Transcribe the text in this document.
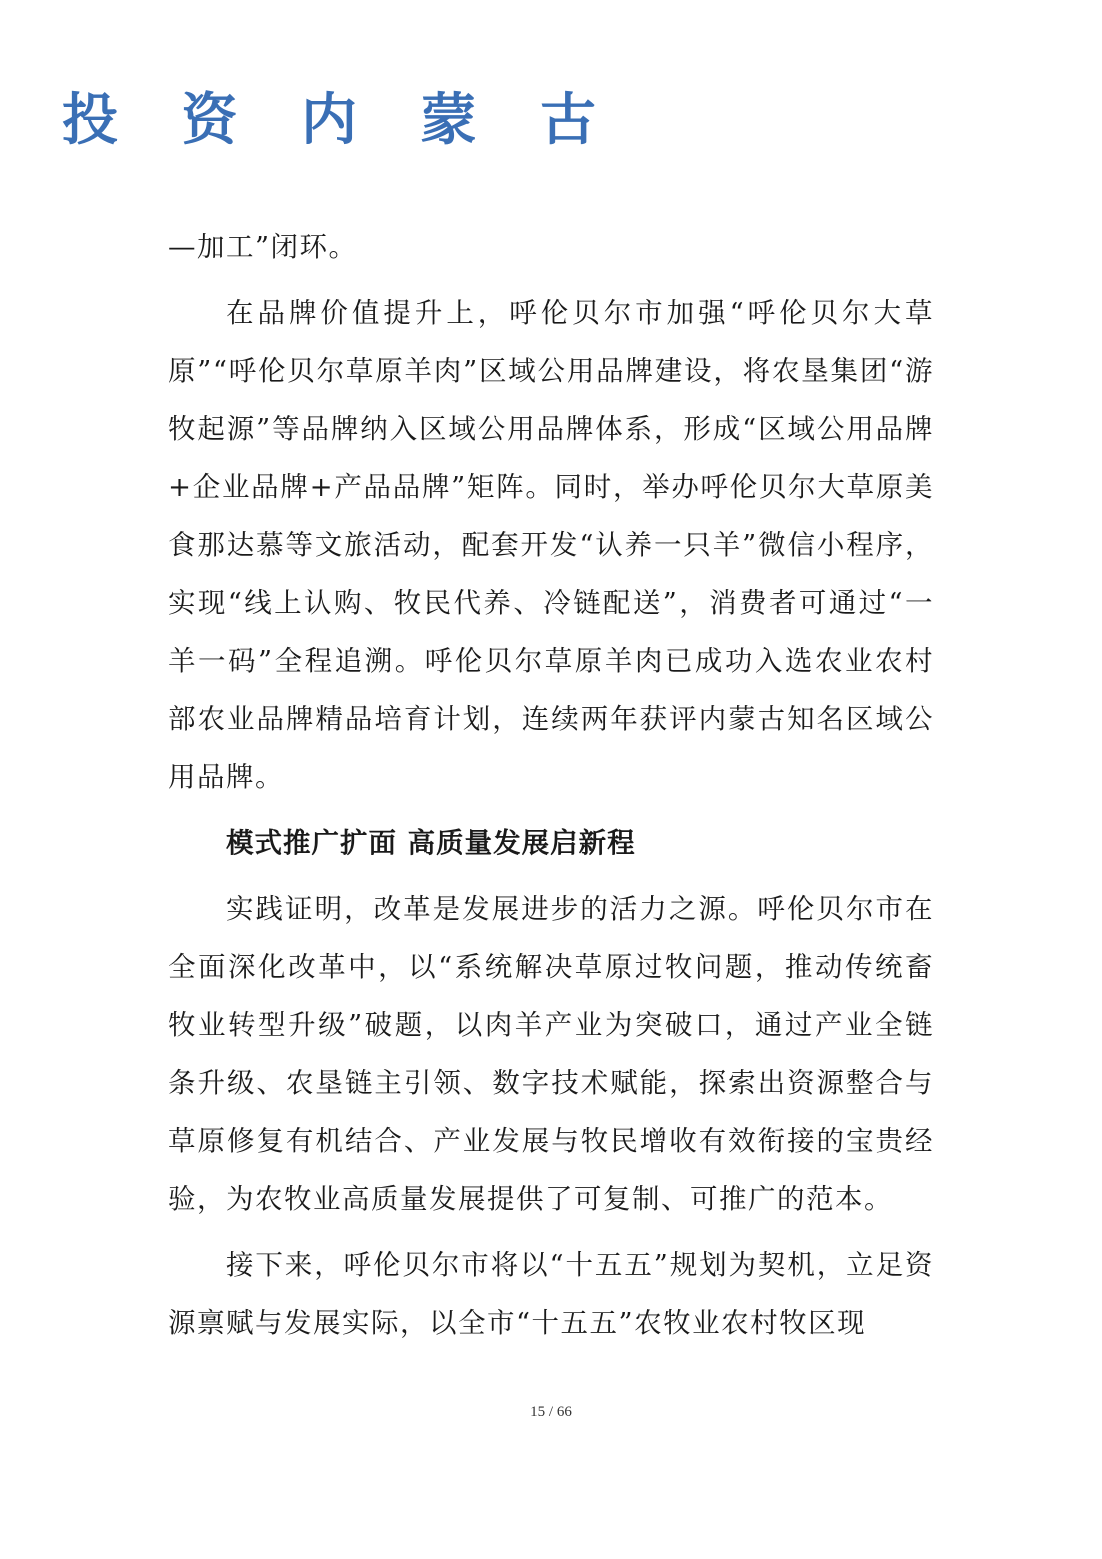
投 资 内 蒙 古

—加工”闭环。

在品牌价值提升上，呼伦贝尔市加强“呼伦贝尔大草原”“呼伦贝尔草原羊肉”区域公用品牌建设，将农垦集团“游牧起源”等品牌纳入区域公用品牌体系，形成“区域公用品牌+企业品牌+产品品牌”矩阵。同时，举办呼伦贝尔大草原美食那达慕等文旅活动，配套开发“认养一只羊”微信小程序，实现“线上认购、牧民代养、冷链配送”，消费者可通过“一羊一码”全程追溯。呼伦贝尔草原羊肉已成功入选农业农村部农业品牌精品培育计划，连续两年获评内蒙古知名区域公用品牌。

模式推广扩面 高质量发展启新程

实践证明，改革是发展进步的活力之源。呼伦贝尔市在全面深化改革中，以“系统解决草原过牧问题，推动传统畜牧业转型升级”破题，以肉羊产业为突破口，通过产业全链条升级、农垦链主引领、数字技术赋能，探索出资源整合与草原修复有机结合、产业发展与牧民增收有效衔接的宝贵经验，为农牧业高质量发展提供了可复制、可推广的范本。

接下来，呼伦贝尔市将以“十五五”规划为契机，立足资源禀赋与发展实际，以全市“十五五”农牧业农村牧区现

15 / 66
